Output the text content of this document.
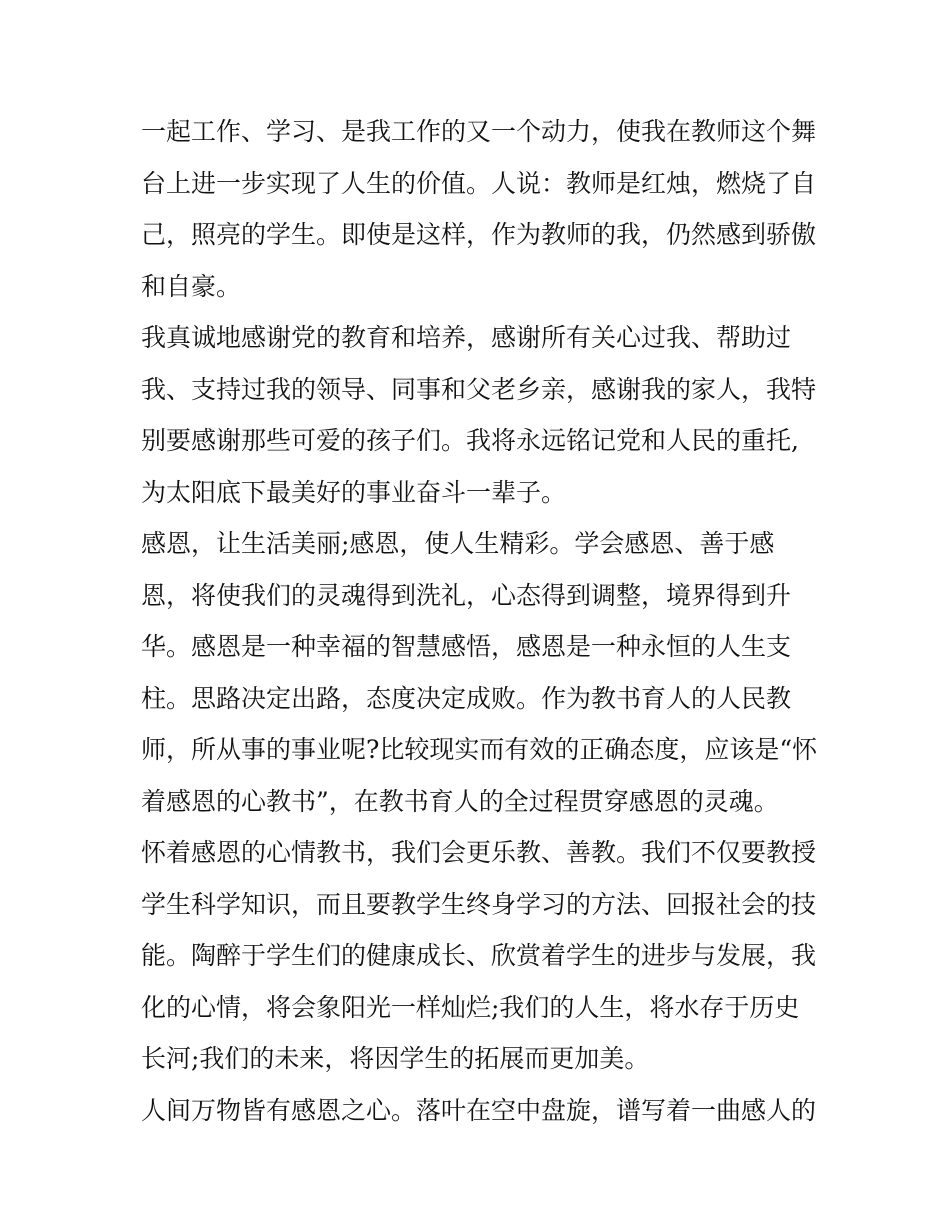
一起工作、学习、是我工作的又一个动力，使我在教师这个舞
台上进一步实现了人生的价值。人说：教师是红烛，燃烧了自
己，照亮的学生。即使是这样，作为教师的我，仍然感到骄傲
和自豪。
我真诚地感谢党的教育和培养，感谢所有关心过我、帮助过
我、支持过我的领导、同事和父老乡亲，感谢我的家人，我特
别要感谢那些可爱的孩子们。我将永远铭记党和人民的重托,
为太阳底下最美好的事业奋斗一辈子。
感恩，让生活美丽;感恩，使人生精彩。学会感恩、善于感
恩，将使我们的灵魂得到洗礼，心态得到调整，境界得到升
华。感恩是一种幸福的智慧感悟，感恩是一种永恒的人生支
柱。思路决定出路，态度决定成败。作为教书育人的人民教
师，所从事的事业呢?比较现实而有效的正确态度，应该是“怀
着感恩的心教书”，在教书育人的全过程贯穿感恩的灵魂。
怀着感恩的心情教书，我们会更乐教、善教。我们不仅要教授
学生科学知识，而且要教学生终身学习的方法、回报社会的技
能。陶醉于学生们的健康成长、欣赏着学生的进步与发展，我
化的心情，将会象阳光一样灿烂;我们的人生，将水存于历史
长河;我们的未来，将因学生的拓展而更加美。
人间万物皆有感恩之心。落叶在空中盘旋，谱写着一曲感人的
